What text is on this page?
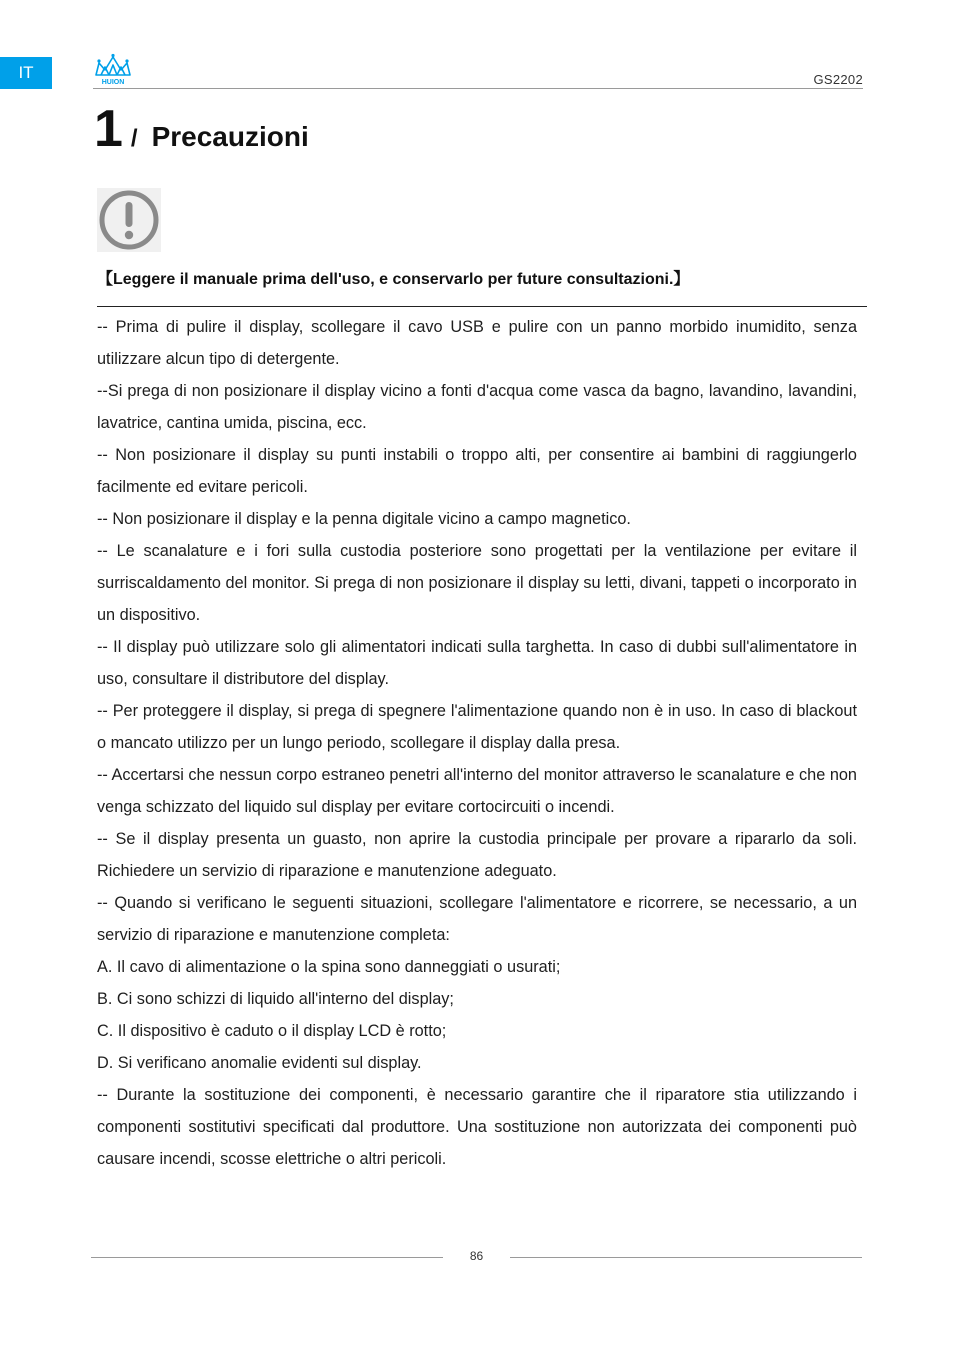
IT
HUION	GS2202
1 / Precauzioni
【Leggere il manuale prima dell'uso, e conservarlo per future consultazioni.】

-- Prima di pulire il display, scollegare il cavo USB e pulire con un panno morbido inumidito, senza utilizzare alcun tipo di detergente.

--Si prega di non posizionare il display vicino a fonti d'acqua come vasca da bagno, lavandino, lavandini, lavatrice, cantina umida, piscina, ecc.

-- Non posizionare il display su punti instabili o troppo alti, per consentire ai bambini di raggiungerlo facilmente ed evitare pericoli.

-- Non posizionare il display e la penna digitale vicino a campo magnetico.

-- Le scanalature e i fori sulla custodia posteriore sono progettati per la ventilazione per evitare il surriscaldamento del monitor. Si prega di non posizionare il display su letti, divani, tappeti o incorporato in un dispositivo.

-- Il display può utilizzare solo gli alimentatori indicati sulla targhetta. In caso di dubbi sull'alimentatore in uso, consultare il distributore del display.

-- Per proteggere il display, si prega di spegnere l'alimentazione quando non è in uso. In caso di blackout o mancato utilizzo per un lungo periodo, scollegare il display dalla presa.

-- Accertarsi che nessun corpo estraneo penetri all'interno del monitor attraverso le scanalature e che non venga schizzato del liquido sul display per evitare cortocircuiti o incendi.

-- Se il display presenta un guasto, non aprire la custodia principale per provare a ripararlo da soli. Richiedere un servizio di riparazione e manutenzione adeguato.

-- Quando si verificano le seguenti situazioni, scollegare l'alimentatore e ricorrere, se necessario, a un servizio di riparazione e manutenzione completa:

A. Il cavo di alimentazione o la spina sono danneggiati o usurati;

B. Ci sono schizzi di liquido all'interno del display;

C. Il dispositivo è caduto o il display LCD è rotto;

D. Si verificano anomalie evidenti sul display.

-- Durante la sostituzione dei componenti, è necessario garantire che il riparatore stia utilizzando i componenti sostitutivi specificati dal produttore. Una sostituzione non autorizzata dei componenti può causare incendi, scosse elettriche o altri pericoli.

86
